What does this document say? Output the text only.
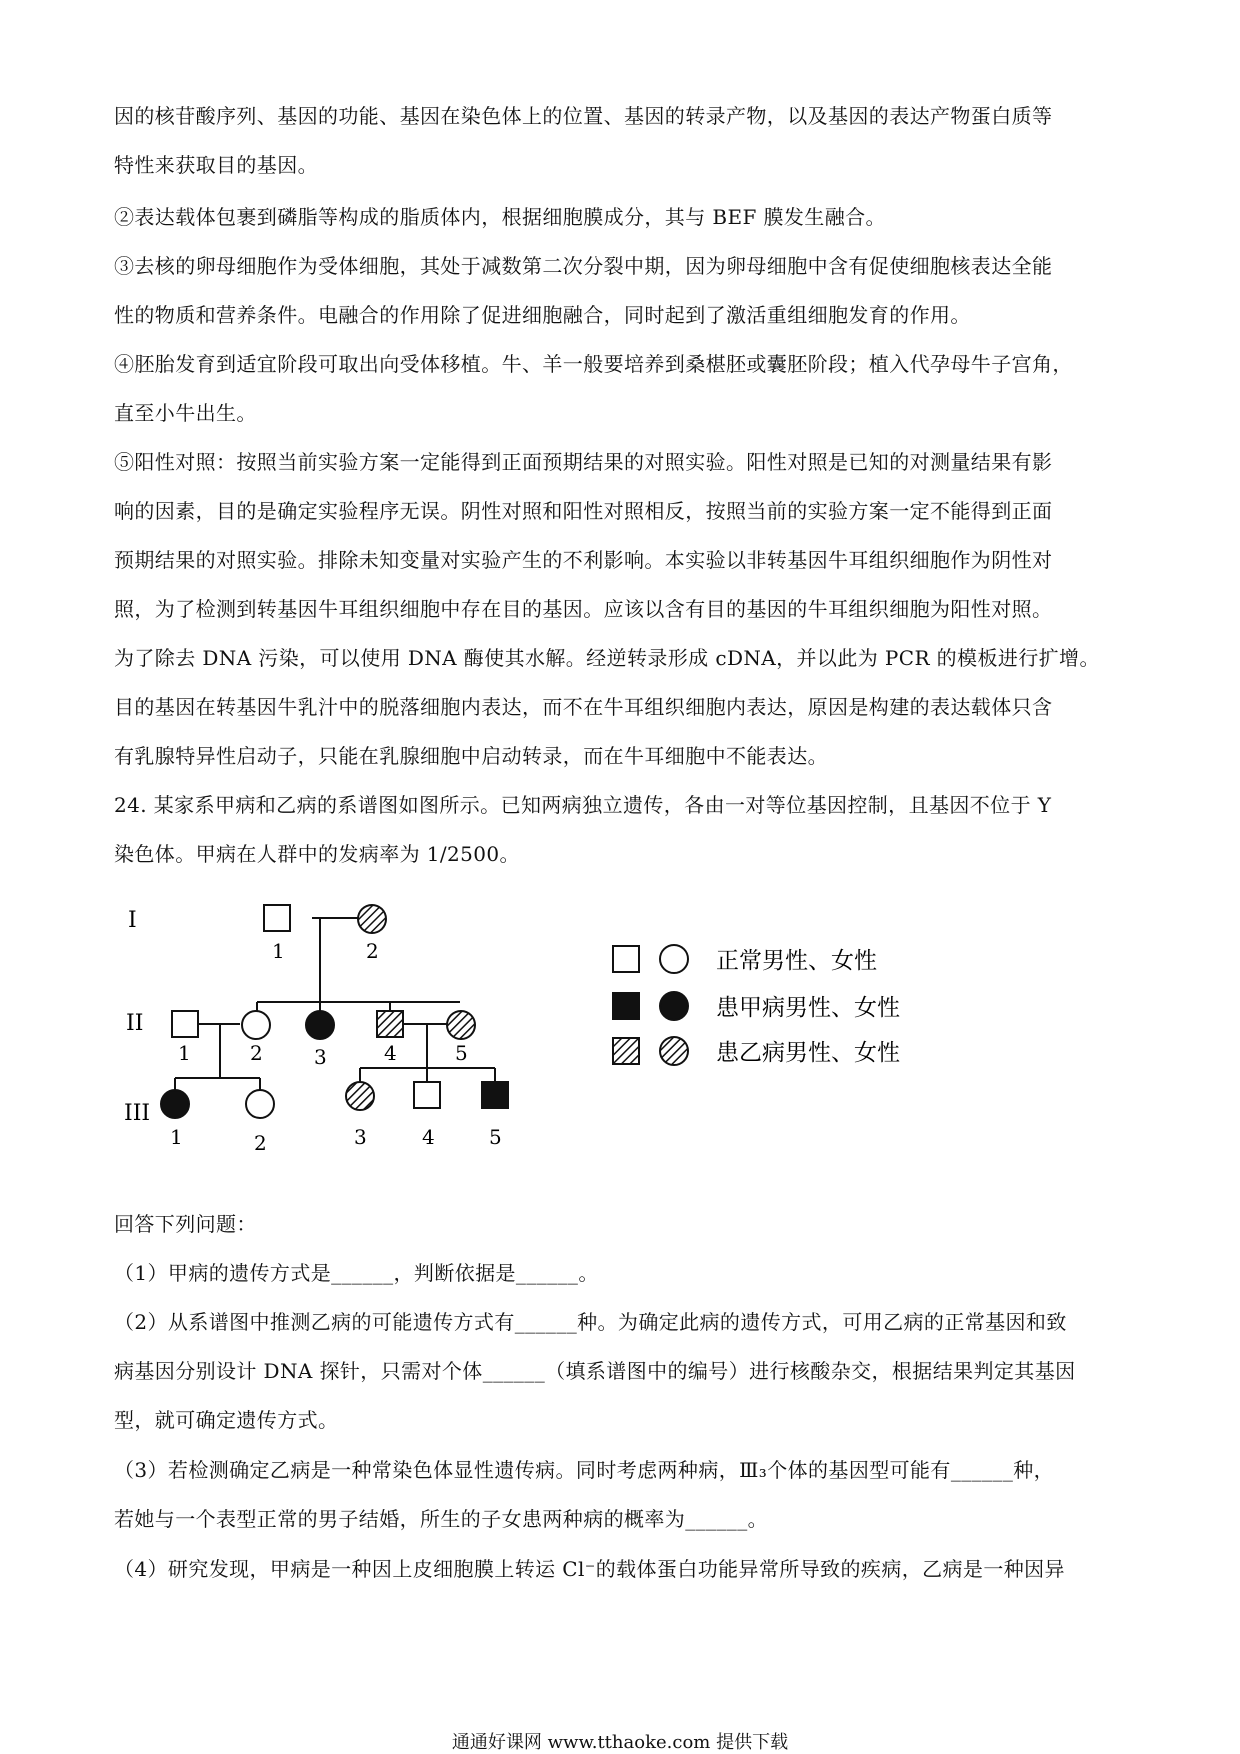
因的核苷酸序列、基因的功能、基因在染色体上的位置、基因的转录产物，以及基因的表达产物蛋白质等
特性来获取目的基因。
②表达载体包裹到磷脂等构成的脂质体内，根据细胞膜成分，其与 BEF 膜发生融合。
③去核的卵母细胞作为受体细胞，其处于减数第二次分裂中期，因为卵母细胞中含有促使细胞核表达全能
性的物质和营养条件。电融合的作用除了促进细胞融合，同时起到了激活重组细胞发育的作用。
④胚胎发育到适宜阶段可取出向受体移植。牛、羊一般要培养到桑椹胚或囊胚阶段；植入代孕母牛子宫角，
直至小牛出生。
⑤阳性对照：按照当前实验方案一定能得到正面预期结果的对照实验。阳性对照是已知的对测量结果有影
响的因素，目的是确定实验程序无误。阴性对照和阳性对照相反，按照当前的实验方案一定不能得到正面
预期结果的对照实验。排除未知变量对实验产生的不利影响。本实验以非转基因牛耳组织细胞作为阴性对
照，为了检测到转基因牛耳组织细胞中存在目的基因。应该以含有目的基因的牛耳组织细胞为阳性对照。
为了除去 DNA 污染，可以使用 DNA 酶使其水解。经逆转录形成 cDNA，并以此为 PCR 的模板进行扩增。
目的基因在转基因牛乳汁中的脱落细胞内表达，而不在牛耳组织细胞内表达，原因是构建的表达载体只含
有乳腺特异性启动子，只能在乳腺细胞中启动转录，而在牛耳细胞中不能表达。
24. 某家系甲病和乙病的系谱图如图所示。已知两病独立遗传，各由一对等位基因控制，且基因不位于 Y
染色体。甲病在人群中的发病率为 1/2500。
I
II
III
1	2
1	2	3	4	5
1	2	3	4	5
正常男性、女性
患甲病男性、女性
患乙病男性、女性
回答下列问题：
（1）甲病的遗传方式是______，判断依据是______。
（2）从系谱图中推测乙病的可能遗传方式有______种。为确定此病的遗传方式，可用乙病的正常基因和致
病基因分别设计 DNA 探针，只需对个体______（填系谱图中的编号）进行核酸杂交，根据结果判定其基因
型，就可确定遗传方式。
（3）若检测确定乙病是一种常染色体显性遗传病。同时考虑两种病，Ⅲ₃个体的基因型可能有______种，
若她与一个表型正常的男子结婚，所生的子女患两种病的概率为______。
（4）研究发现，甲病是一种因上皮细胞膜上转运 Cl⁻的载体蛋白功能异常所导致的疾病，乙病是一种因异
通通好课网 www.tthaoke.com 提供下载
